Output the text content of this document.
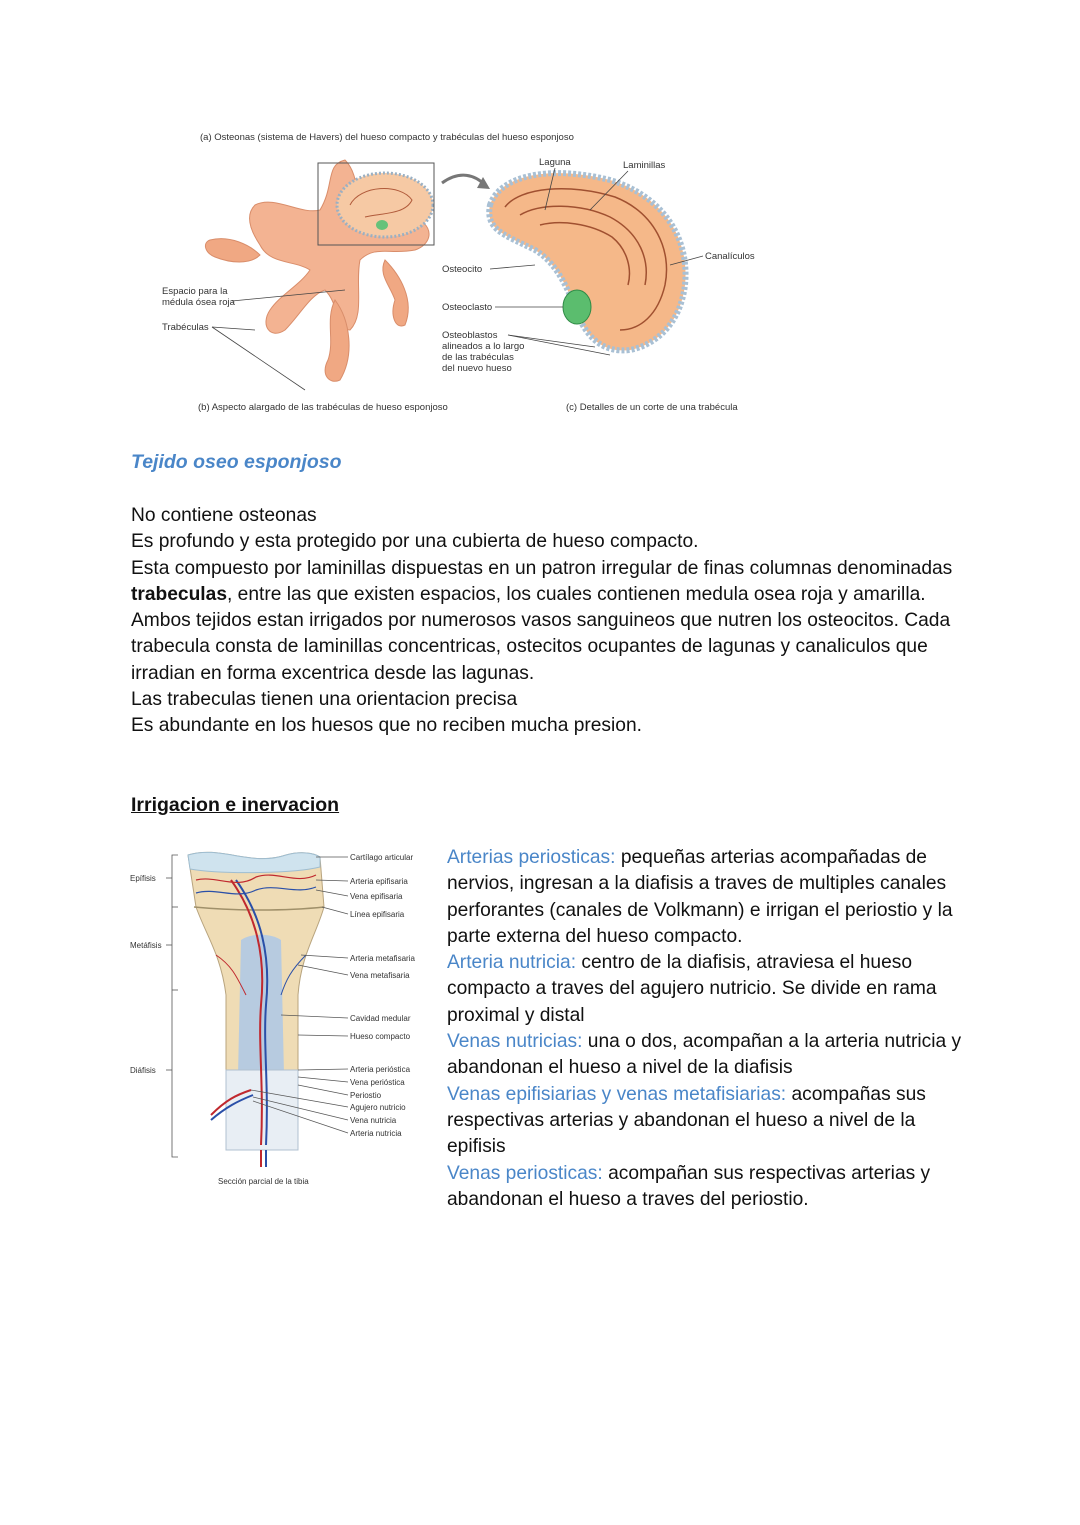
(a) Osteonas (sistema de Havers) del hueso compacto y trabéculas del hueso esponjoso
Laguna	Laminillas
Canalículos
Osteocito
Espacio para la
médula ósea roja
Trabéculas
Osteoclasto
Osteoblastos
alineados a lo largo
de las trabéculas
del nuevo hueso
(b) Aspecto alargado de las trabéculas de hueso esponjoso	(c) Detalles de un corte de una trabécula
Tejido oseo esponjoso

No contiene osteonas

Es profundo y esta protegido por una cubierta de hueso compacto.

Esta compuesto por laminillas dispuestas en un patron irregular de finas columnas denominadas trabeculas, entre las que existen espacios, los cuales contienen medula osea roja y amarilla. Ambos tejidos estan irrigados por numerosos vasos sanguineos que nutren los osteocitos. Cada trabecula consta de laminillas concentricas, ostecitos ocupantes de lagunas y canaliculos que irradian en forma excentrica desde las lagunas.

Las trabeculas tienen una orientacion precisa

Es abundante en los huesos que no reciben mucha presion.

Irrigacion e inervacion
Epífisis
Metáfisis
Diáfisis
Cartílago articular
Arteria epifisaria
Vena epifisaria
Línea epifisaria
Arteria metafisaria
Vena metafisaria
Cavidad medular
Hueso compacto
Arteria perióstica
Vena perióstica
Periostio
Agujero nutricio
Vena nutricia
Arteria nutricia
Sección parcial de la tibia

Arterias periosticas: pequeñas arterias acompañadas de nervios, ingresan a la diafisis a traves de multiples canales perforantes (canales de Volkmann) e irrigan el periostio y la parte externa del hueso compacto.

Arteria nutricia: centro de la diafisis, atraviesa el hueso compacto a traves del agujero nutricio. Se divide en rama proximal y distal

Venas nutricias: una o dos, acompañan a la arteria nutricia y abandonan el hueso a nivel de la diafisis

Venas epifisiarias y venas metafisiarias: acompañas sus respectivas arterias y abandonan el hueso a nivel de la epifisis

Venas periosticas: acompañan sus respectivas arterias y abandonan el hueso a traves del periostio.
